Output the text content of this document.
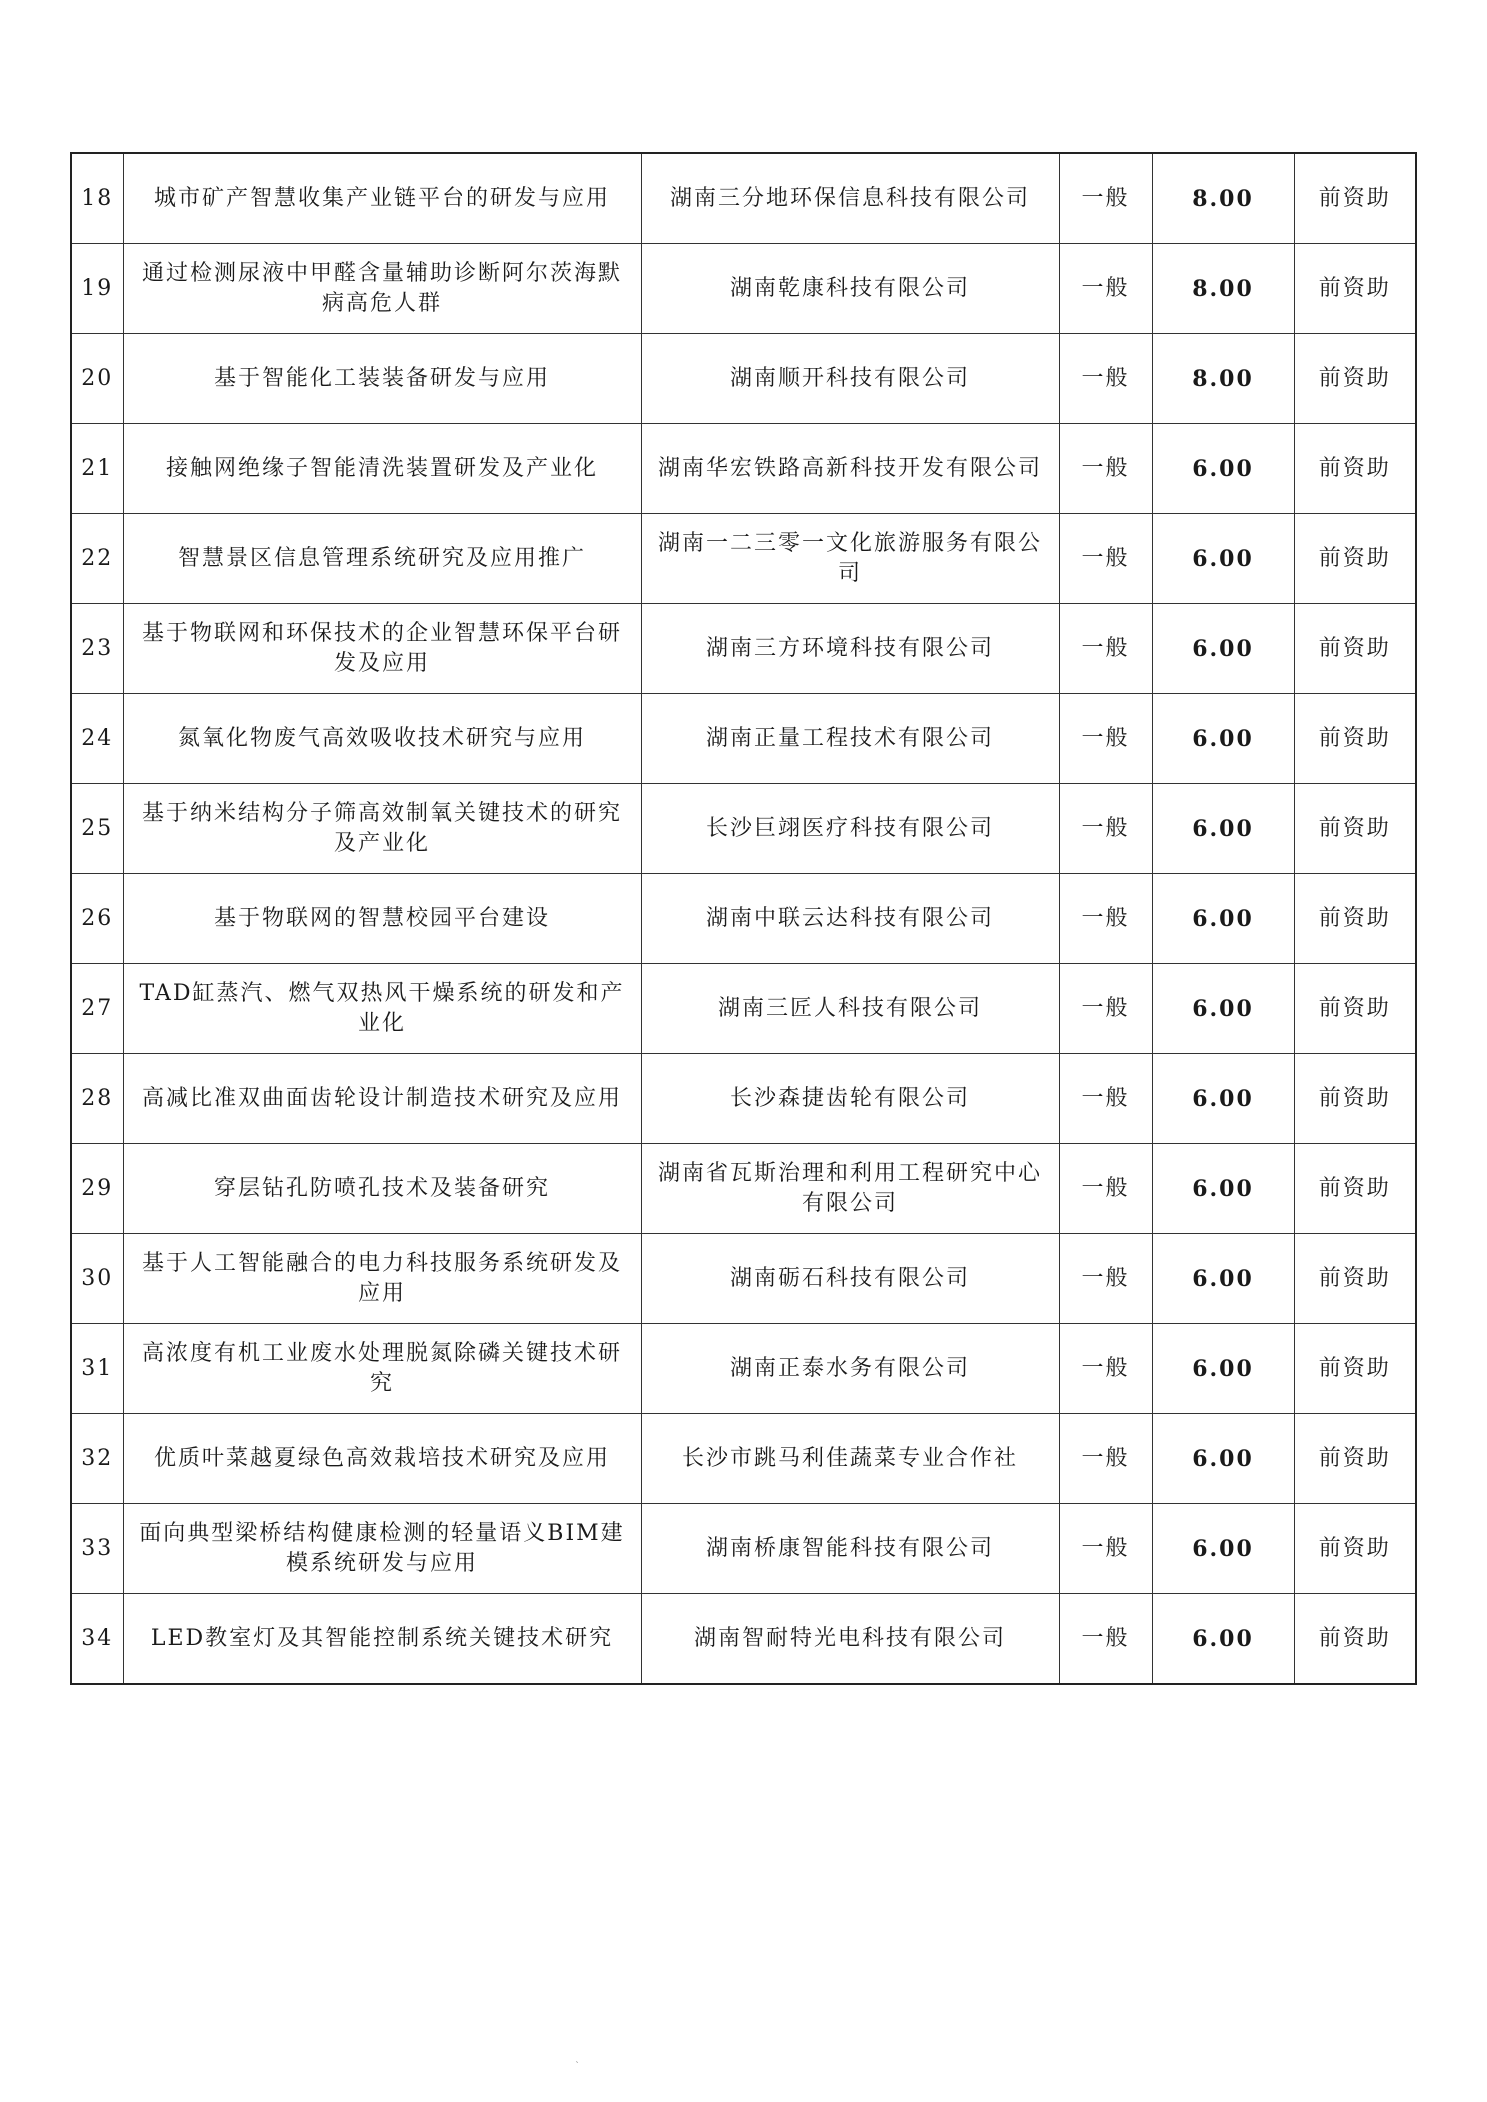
18	城市矿产智慧收集产业链平台的研发与应用	湖南三分地环保信息科技有限公司	一般	8.00	前资助
19	通过检测尿液中甲醛含量辅助诊断阿尔茨海默病高危人群	湖南乾康科技有限公司	一般	8.00	前资助
20	基于智能化工装装备研发与应用	湖南顺开科技有限公司	一般	8.00	前资助
21	接触网绝缘子智能清洗装置研发及产业化	湖南华宏铁路高新科技开发有限公司	一般	6.00	前资助
22	智慧景区信息管理系统研究及应用推广	湖南一二三零一文化旅游服务有限公司	一般	6.00	前资助
23	基于物联网和环保技术的企业智慧环保平台研发及应用	湖南三方环境科技有限公司	一般	6.00	前资助
24	氮氧化物废气高效吸收技术研究与应用	湖南正量工程技术有限公司	一般	6.00	前资助
25	基于纳米结构分子筛高效制氧关键技术的研究及产业化	长沙巨翊医疗科技有限公司	一般	6.00	前资助
26	基于物联网的智慧校园平台建设	湖南中联云达科技有限公司	一般	6.00	前资助
27	TAD缸蒸汽、燃气双热风干燥系统的研发和产业化	湖南三匠人科技有限公司	一般	6.00	前资助
28	高减比准双曲面齿轮设计制造技术研究及应用	长沙森捷齿轮有限公司	一般	6.00	前资助
29	穿层钻孔防喷孔技术及装备研究	湖南省瓦斯治理和利用工程研究中心有限公司	一般	6.00	前资助
30	基于人工智能融合的电力科技服务系统研发及应用	湖南砺石科技有限公司	一般	6.00	前资助
31	高浓度有机工业废水处理脱氮除磷关键技术研究	湖南正泰水务有限公司	一般	6.00	前资助
32	优质叶菜越夏绿色高效栽培技术研究及应用	长沙市跳马利佳蔬菜专业合作社	一般	6.00	前资助
33	面向典型梁桥结构健康检测的轻量语义BIM建模系统研发与应用	湖南桥康智能科技有限公司	一般	6.00	前资助
34	LED教室灯及其智能控制系统关键技术研究	湖南智耐特光电科技有限公司	一般	6.00	前资助
`
